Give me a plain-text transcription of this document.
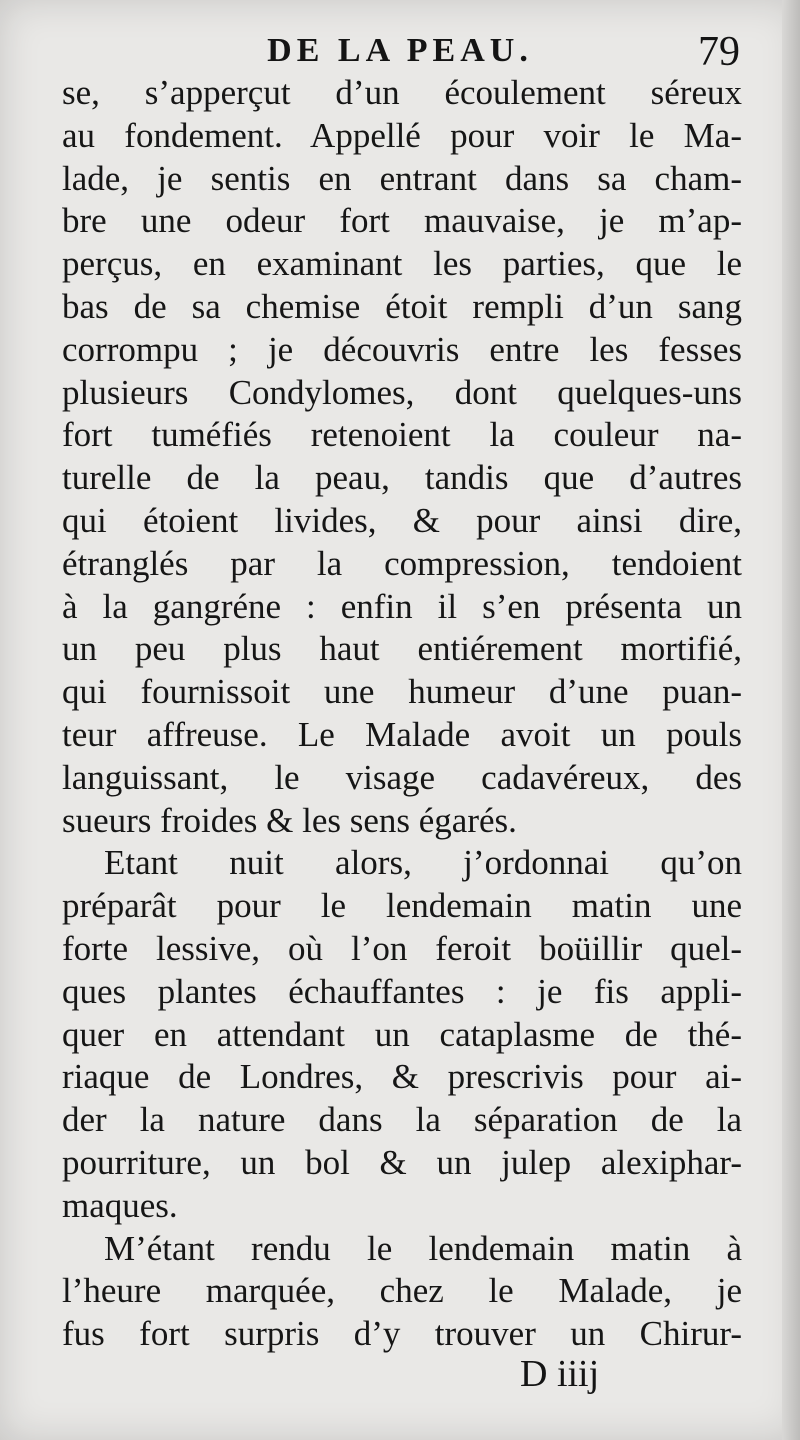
DE LA PEAU.	79
se, s’apperçut d’un écoulement séreux
au fondement. Appellé pour voir le Ma-
lade, je sentis en entrant dans sa cham-
bre une odeur fort mauvaise, je m’ap-
perçus, en examinant les parties, que le
bas de sa chemise étoit rempli d’un sang
corrompu ; je découvris entre les fesses
plusieurs Condylomes, dont quelques-uns
fort tuméfiés retenoient la couleur na-
turelle de la peau, tandis que d’autres
qui étoient livides, & pour ainsi dire,
étranglés par la compression, tendoient
à la gangréne : enfin il s’en présenta un
un peu plus haut entiérement mortifié,
qui fournissoit une humeur d’une puan-
teur affreuse. Le Malade avoit un pouls
languissant, le visage cadavéreux, des
sueurs froides & les sens égarés.
Etant nuit alors, j’ordonnai qu’on
préparât pour le lendemain matin une
forte lessive, où l’on feroit boüillir quel-
ques plantes échauffantes : je fis appli-
quer en attendant un cataplasme de thé-
riaque de Londres, & prescrivis pour ai-
der la nature dans la séparation de la
pourriture, un bol & un julep alexiphar-
maques.
M’étant rendu le lendemain matin à
l’heure marquée, chez le Malade, je
fus fort surpris d’y trouver un Chirur-
D iiij
